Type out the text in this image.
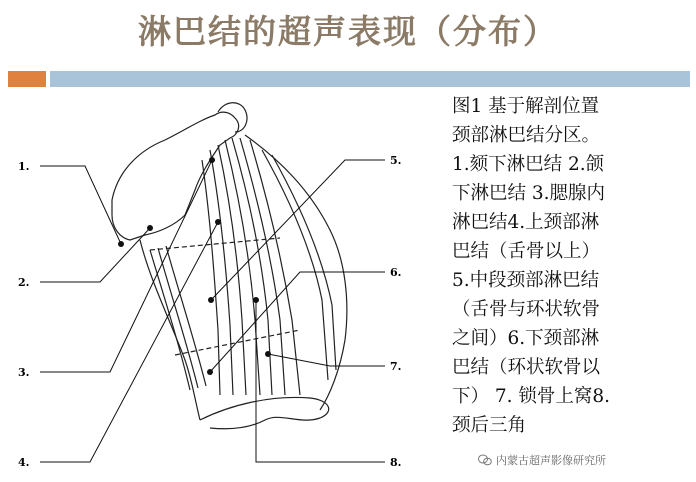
淋巴结的超声表现（分布）
1.
2.
3.
4.
5.
6.
7.
8.
图1 基于解剖位置
颈部淋巴结分区。
1.颏下淋巴结 2.颌
下淋巴结 3.腮腺内
淋巴结4.上颈部淋
巴结（舌骨以上）
5.中段颈部淋巴结
（舌骨与环状软骨
之间）6.下颈部淋
巴结（环状软骨以
下） 7. 锁骨上窝8.
颈后三角
内蒙古超声影像研究所
